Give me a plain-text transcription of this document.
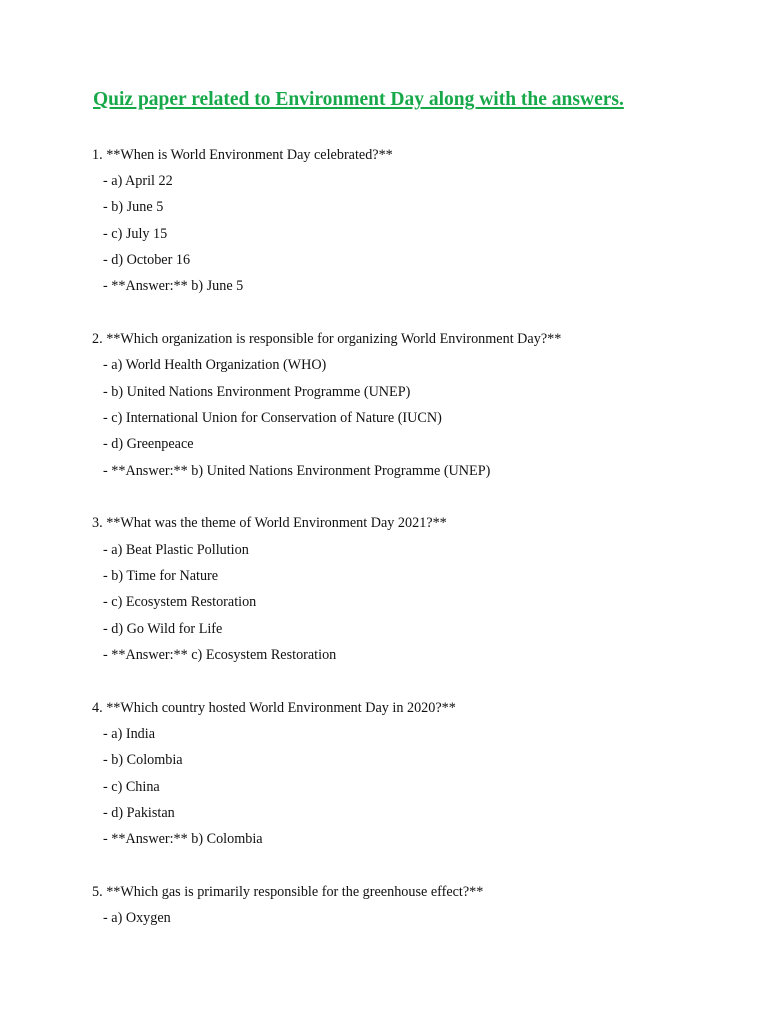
Quiz paper related to Environment Day along with the answers.
1. **When is World Environment Day celebrated?**
- a) April 22
- b) June 5
- c) July 15
- d) October 16
- **Answer:** b) June 5
2. **Which organization is responsible for organizing World Environment Day?**
- a) World Health Organization (WHO)
- b) United Nations Environment Programme (UNEP)
- c) International Union for Conservation of Nature (IUCN)
- d) Greenpeace
- **Answer:** b) United Nations Environment Programme (UNEP)
3. **What was the theme of World Environment Day 2021?**
- a) Beat Plastic Pollution
- b) Time for Nature
- c) Ecosystem Restoration
- d) Go Wild for Life
- **Answer:** c) Ecosystem Restoration
4. **Which country hosted World Environment Day in 2020?**
- a) India
- b) Colombia
- c) China
- d) Pakistan
- **Answer:** b) Colombia
5. **Which gas is primarily responsible for the greenhouse effect?**
- a) Oxygen
